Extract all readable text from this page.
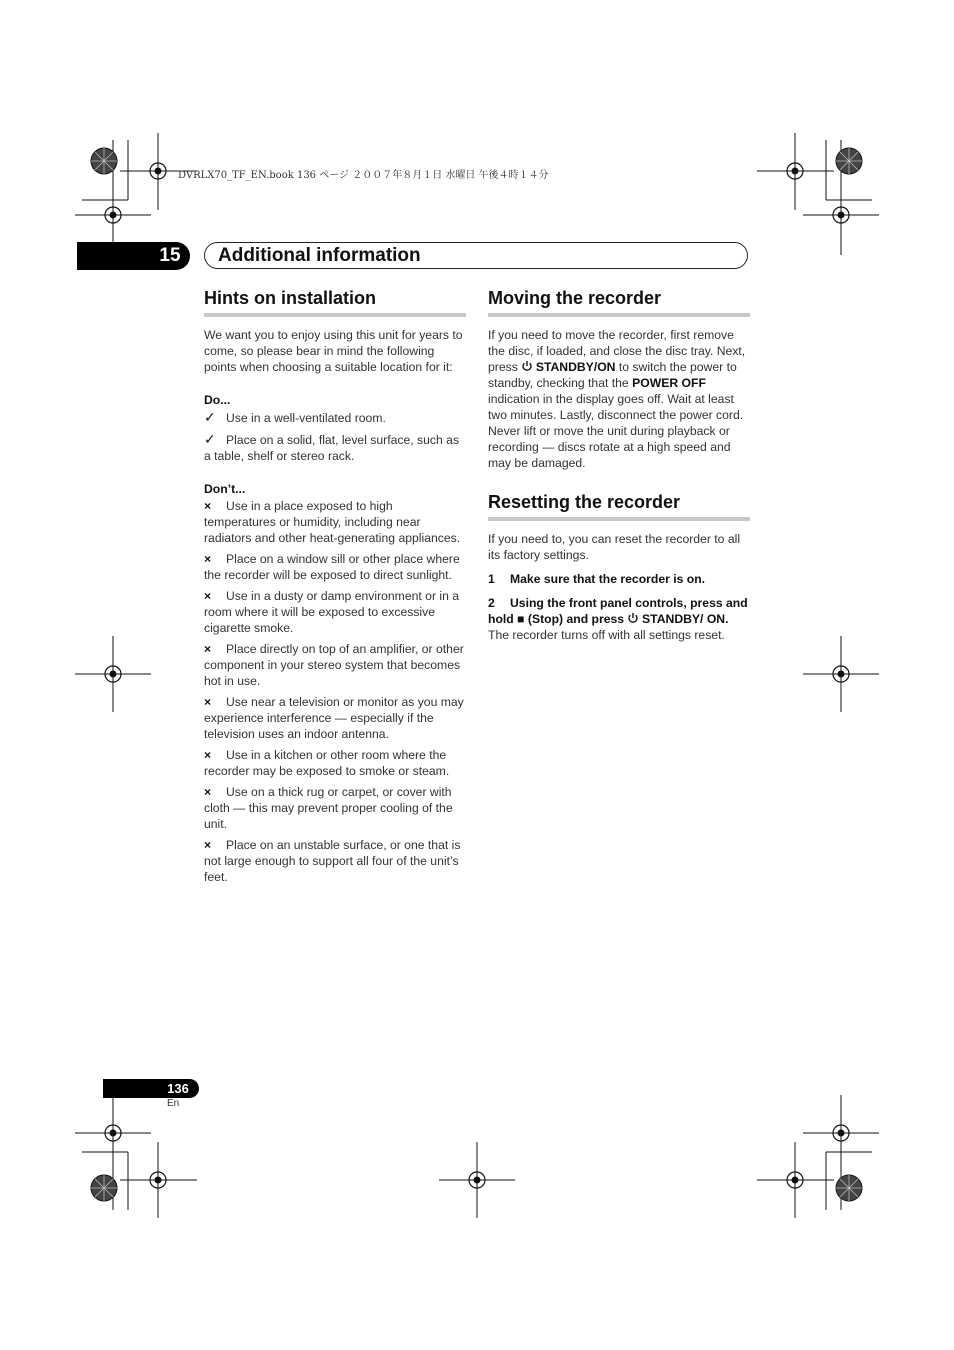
DVRLX70_TF_EN.book 136 ページ ２００７年８月１日 水曜日 午後４時１４分
15	Additional information
Hints on installation

We want you to enjoy using this unit for years to come, so please bear in mind the following points when choosing a suitable location for it:

Do...

✓ Use in a well-ventilated room.

✓ Place on a solid, flat, level surface, such as a table, shelf or stereo rack.

Don’t...

× Use in a place exposed to high temperatures or humidity, including near radiators and other heat-generating appliances.

× Place on a window sill or other place where the recorder will be exposed to direct sunlight.

× Use in a dusty or damp environment or in a room where it will be exposed to excessive cigarette smoke.

× Place directly on top of an amplifier, or other component in your stereo system that becomes hot in use.

× Use near a television or monitor as you may experience interference — especially if the television uses an indoor antenna.

× Use in a kitchen or other room where the recorder may be exposed to smoke or steam.

× Use on a thick rug or carpet, or cover with cloth — this may prevent proper cooling of the unit.

× Place on an unstable surface, or one that is not large enough to support all four of the unit’s feet.

Moving the recorder

If you need to move the recorder, first remove the disc, if loaded, and close the disc tray. Next, press STANDBY/ON to switch the power to standby, checking that the POWER OFF indication in the display goes off. Wait at least two minutes. Lastly, disconnect the power cord. Never lift or move the unit during playback or recording — discs rotate at a high speed and may be damaged.

Resetting the recorder

If you need to, you can reset the recorder to all its factory settings.

1 Make sure that the recorder is on.

2 Using the front panel controls, press and hold ■ (Stop) and press STANDBY/ ON.

The recorder turns off with all settings reset.

136
En
